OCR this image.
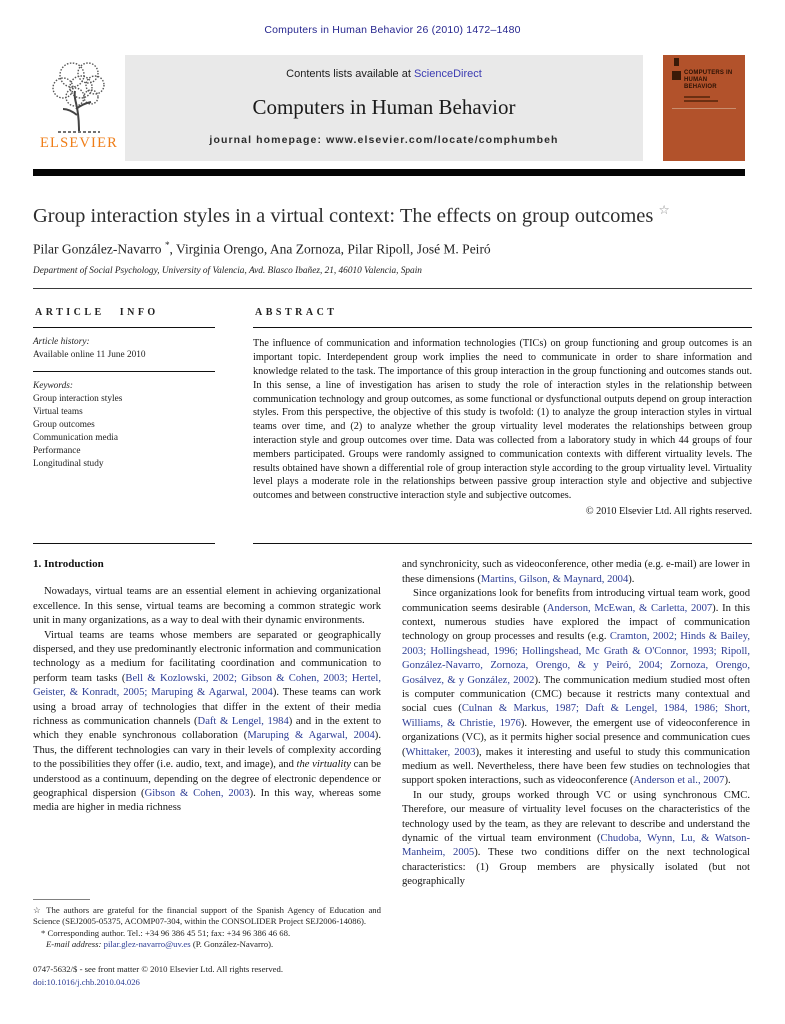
Computers in Human Behavior 26 (2010) 1472–1480
ELSEVIER
Contents lists available at ScienceDirect
Computers in Human Behavior
journal homepage: www.elsevier.com/locate/comphumbeh
COMPUTERS IN HUMAN BEHAVIOR
Group interaction styles in a virtual context: The effects on group outcomes ☆
Pilar González-Navarro *, Virginia Orengo, Ana Zornoza, Pilar Ripoll, José M. Peiró
Department of Social Psychology, University of Valencia, Avd. Blasco Ibañez, 21, 46010 Valencia, Spain
ARTICLE INFO
Article history:
Available online 11 June 2010
Keywords:
Group interaction styles
Virtual teams
Group outcomes
Communication media
Performance
Longitudinal study
ABSTRACT
The influence of communication and information technologies (TICs) on group functioning and group outcomes is an important topic. Interdependent group work implies the need to communicate in order to share information and knowledge related to the task. The importance of this group interaction in the group functioning and outcomes stands out. In this sense, a line of investigation has arisen to study the role of interaction styles in the relationship between communication technology and group outcomes, as some functional or dysfunctional outputs depend on group interaction styles. From this perspective, the objective of this study is twofold: (1) to analyze the group interaction styles in virtual teams over time, and (2) to analyze whether the group virtuality level moderates the relationships between group interaction style and group outcomes over time. Data was collected from a laboratory study in which 44 groups of four members participated. Groups were randomly assigned to communication contexts with different virtuality levels. The results obtained have shown a differential role of group interaction style according to the group virtuality level. Virtuality level plays a moderate role in the relationships between passive group interaction style and objective and subjective outcomes and between constructive interaction style and subjective outcomes.
© 2010 Elsevier Ltd. All rights reserved.
1. Introduction

Nowadays, virtual teams are an essential element in achieving organizational excellence. In this sense, virtual teams are becoming a common strategic work unit in many organizations, as a way to deal with their dynamic environments.

Virtual teams are teams whose members are separated or geographically dispersed, and they use predominantly electronic information and communication technology as a medium for facilitating coordination and communication to perform team tasks (Bell & Kozlowski, 2002; Gibson & Cohen, 2003; Hertel, Geister, & Konradt, 2005; Maruping & Agarwal, 2004). These teams can work using a broad array of technologies that differ in the extent of their media richness as communication channels (Daft & Lengel, 1984) and in the extent to which they enable synchronous collaboration (Maruping & Agarwal, 2004). Thus, the different technologies can vary in their levels of complexity according to the possibilities they offer (i.e. audio, text, and image), and the virtuality can be understood as a continuum, depending on the degree of electronic dependence or geographical dispersion (Gibson & Cohen, 2003). In this way, whereas some media are higher in media richness

☆ The authors are grateful for the financial support of the Spanish Agency of Education and Science (SEJ2005-05375, ACOMP07-304, within the CONSOLIDER Project SEJ2006-14086).

* Corresponding author. Tel.: +34 96 386 45 51; fax: +34 96 386 46 68.

E-mail address: pilar.glez-navarro@uv.es (P. González-Navarro).

0747-5632/$ - see front matter © 2010 Elsevier Ltd. All rights reserved.
doi:10.1016/j.chb.2010.04.026

and synchronicity, such as videoconference, other media (e.g. e-mail) are lower in these dimensions (Martins, Gilson, & Maynard, 2004).

Since organizations look for benefits from introducing virtual team work, good communication seems desirable (Anderson, McEwan, & Carletta, 2007). In this context, numerous studies have explored the impact of communication technology on group processes and results (e.g. Cramton, 2002; Hinds & Bailey, 2003; Hollingshead, 1996; Hollingshead, Mc Grath & O'Connor, 1993; Ripoll, González-Navarro, Zornoza, Orengo, & y Peiró, 2004; Zornoza, Orengo, Gosálvez, & y González, 2002). The communication medium studied most often is computer communication (CMC) because it restricts many contextual and social cues (Culnan & Markus, 1987; Daft & Lengel, 1984, 1986; Short, Williams, & Christie, 1976). However, the emergent use of videoconference in organizations (VC), as it permits higher social presence and communication cues (Whittaker, 2003), makes it interesting and useful to study this communication medium as well. Nevertheless, there have been few studies on technologies that support spoken interactions, such as videoconference (Anderson et al., 2007).

In our study, groups worked through VC or using synchronous CMC. Therefore, our measure of virtuality level focuses on the characteristics of the technology used by the team, as they are relevant to describe and understand the dynamic of the virtual team environment (Chudoba, Wynn, Lu, & Watson-Manheim, 2005). These two conditions differ on the next technological characteristics: (1) Group members are physically isolated (but not geographically
